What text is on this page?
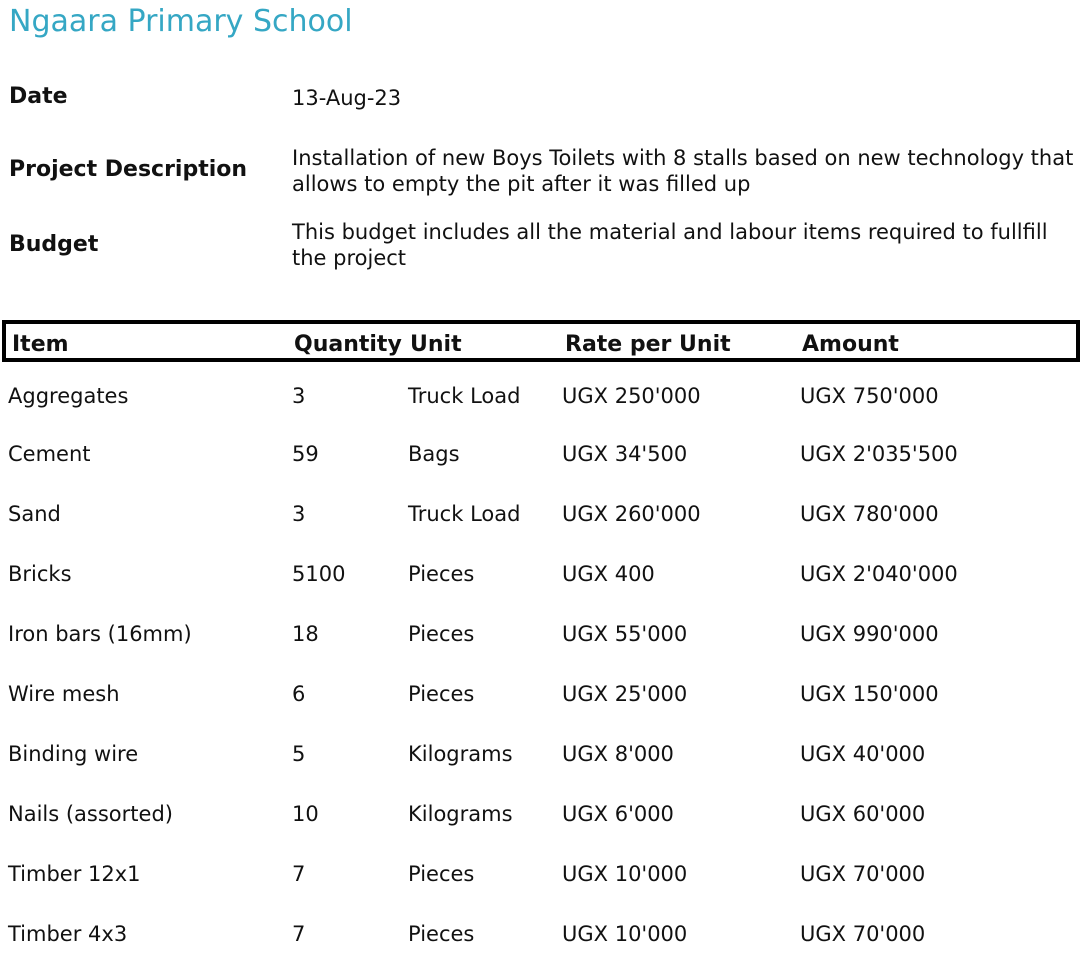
Ngaara Primary School
Date	13-Aug-23
Project Description Installation of new Boys Toilets with 8 stalls based on new technology that allows to empty the pit after it was filled up
Budget	This budget includes all the material and labour items required to fullfill the project
Item	Quantity Unit	Rate per Unit	Amount
Aggregates	3	Truck Load UGX 250'000	UGX 750'000
Cement	59	Bags	UGX 34'500	UGX 2'035'500
Sand	3	Truck Load UGX 260'000	UGX 780'000
Bricks	5100	Pieces	UGX 400	UGX 2'040'000
Iron bars (16mm)	18	Pieces	UGX 55'000	UGX 990'000
Wire mesh	6	Pieces	UGX 25'000	UGX 150'000
Binding wire	5	Kilograms UGX 8'000	UGX 40'000
Nails (assorted)	10	Kilograms UGX 6'000	UGX 60'000
Timber 12x1	7	Pieces	UGX 10'000	UGX 70'000
Timber 4x3	7	Pieces	UGX 10'000	UGX 70'000
